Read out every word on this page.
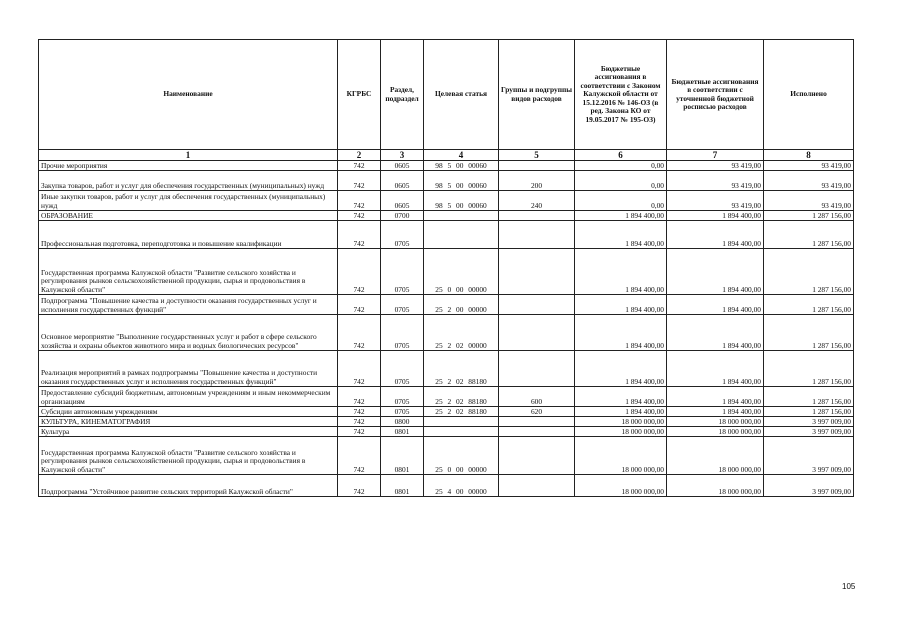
Наименование	КГРБС	Раздел, подраздел	Целевая статья	Группы и подгруппы видов расходов	Бюджетные ассигнования в соответствии с Законом Калужской области от 15.12.2016 № 146-ОЗ (в ред. Закона КО от 19.05.2017 № 195-ОЗ)	Бюджетные ассигнования в соответствии с уточненной бюджетной росписью расходов	Исполнено
1	2	3	4	5	6	7	8
Прочие мероприятия	742	0605	98 5 00 00060		0,00	93 419,00	93 419,00
Закупка товаров, работ и услуг для обеспечения государственных (муниципальных) нужд	742	0605	98 5 00 00060	200	0,00	93 419,00	93 419,00
Иные закупки товаров, работ и услуг для обеспечения государственных (муниципальных) нужд	742	0605	98 5 00 00060	240	0,00	93 419,00	93 419,00
ОБРАЗОВАНИЕ	742	0700			1 894 400,00	1 894 400,00	1 287 156,00
Профессиональная подготовка, переподготовка и повышение квалификации	742	0705			1 894 400,00	1 894 400,00	1 287 156,00
Государственная программа Калужской области "Развитие сельского хозяйства и регулирования рынков сельскохозяйственной продукции, сырья и продовольствия в Калужской области"	742	0705	25 0 00 00000		1 894 400,00	1 894 400,00	1 287 156,00
Подпрограмма "Повышение качества и доступности оказания государственных услуг и исполнения государственных функций"	742	0705	25 2 00 00000		1 894 400,00	1 894 400,00	1 287 156,00
Основное мероприятие "Выполнение государственных услуг и работ в сфере сельского хозяйства и охраны объектов животного мира и водных биологических ресурсов"	742	0705	25 2 02 00000		1 894 400,00	1 894 400,00	1 287 156,00
Реализация мероприятий в рамках подпрограммы "Повышение качества и доступности оказания государственных услуг и исполнения государственных функций"	742	0705	25 2 02 88180		1 894 400,00	1 894 400,00	1 287 156,00
Предоставление субсидий бюджетным, автономным учреждениям и иным некоммерческим организациям	742	0705	25 2 02 88180	600	1 894 400,00	1 894 400,00	1 287 156,00
Субсидии автономным учреждениям	742	0705	25 2 02 88180	620	1 894 400,00	1 894 400,00	1 287 156,00
КУЛЬТУРА, КИНЕМАТОГРАФИЯ	742	0800			18 000 000,00	18 000 000,00	3 997 009,00
Культура	742	0801			18 000 000,00	18 000 000,00	3 997 009,00
Государственная программа Калужской области "Развитие сельского хозяйства и регулирования рынков сельскохозяйственной продукции, сырья и продовольствия в Калужской области"	742	0801	25 0 00 00000		18 000 000,00	18 000 000,00	3 997 009,00
Подпрограмма "Устойчивое развитие сельских территорий Калужской области"	742	0801	25 4 00 00000		18 000 000,00	18 000 000,00	3 997 009,00
105
